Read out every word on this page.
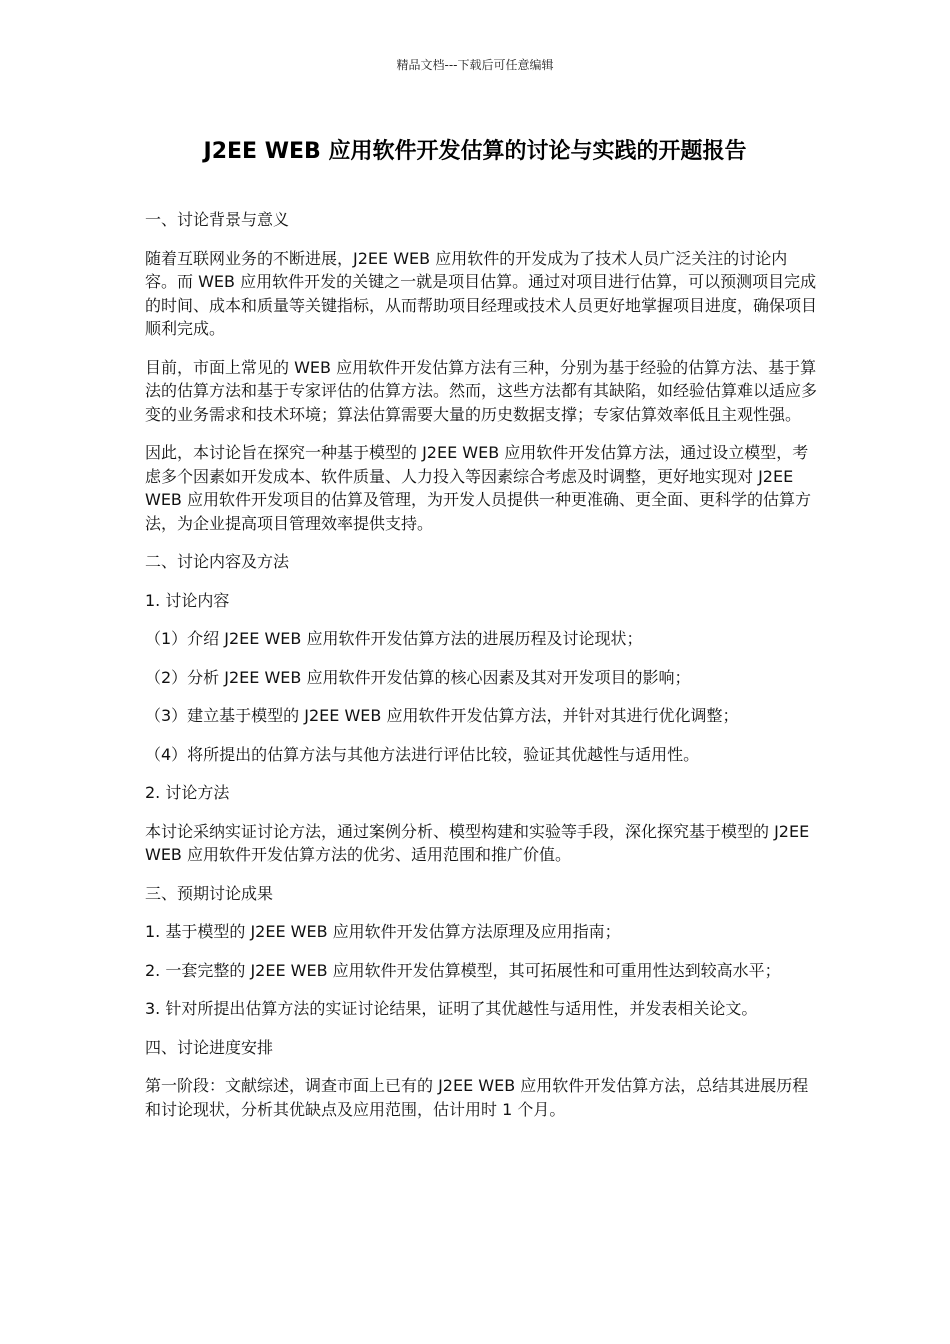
精品文档---下载后可任意编辑
J2EE WEB 应用软件开发估算的讨论与实践的开题报告

一、讨论背景与意义

随着互联网业务的不断进展，J2EE WEB 应用软件的开发成为了技术人员广泛关注的讨论内容。而 WEB 应用软件开发的关键之一就是项目估算。通过对项目进行估算，可以预测项目完成的时间、成本和质量等关键指标，从而帮助项目经理或技术人员更好地掌握项目进度，确保项目顺利完成。

目前，市面上常见的 WEB 应用软件开发估算方法有三种，分别为基于经验的估算方法、基于算法的估算方法和基于专家评估的估算方法。然而，这些方法都有其缺陷，如经验估算难以适应多变的业务需求和技术环境；算法估算需要大量的历史数据支撑；专家估算效率低且主观性强。

因此，本讨论旨在探究一种基于模型的 J2EE WEB 应用软件开发估算方法，通过设立模型，考虑多个因素如开发成本、软件质量、人力投入等因素综合考虑及时调整，更好地实现对 J2EE WEB 应用软件开发项目的估算及管理，为开发人员提供一种更准确、更全面、更科学的估算方法，为企业提高项目管理效率提供支持。

二、讨论内容及方法

1. 讨论内容

（1）介绍 J2EE WEB 应用软件开发估算方法的进展历程及讨论现状；

（2）分析 J2EE WEB 应用软件开发估算的核心因素及其对开发项目的影响；

（3）建立基于模型的 J2EE WEB 应用软件开发估算方法，并针对其进行优化调整；

（4）将所提出的估算方法与其他方法进行评估比较，验证其优越性与适用性。

2. 讨论方法

本讨论采纳实证讨论方法，通过案例分析、模型构建和实验等手段，深化探究基于模型的 J2EE WEB 应用软件开发估算方法的优劣、适用范围和推广价值。

三、预期讨论成果

1. 基于模型的 J2EE WEB 应用软件开发估算方法原理及应用指南；

2. 一套完整的 J2EE WEB 应用软件开发估算模型，其可拓展性和可重用性达到较高水平；

3. 针对所提出估算方法的实证讨论结果，证明了其优越性与适用性，并发表相关论文。

四、讨论进度安排

第一阶段：文献综述，调查市面上已有的 J2EE WEB 应用软件开发估算方法，总结其进展历程和讨论现状，分析其优缺点及应用范围，估计用时 1 个月。
